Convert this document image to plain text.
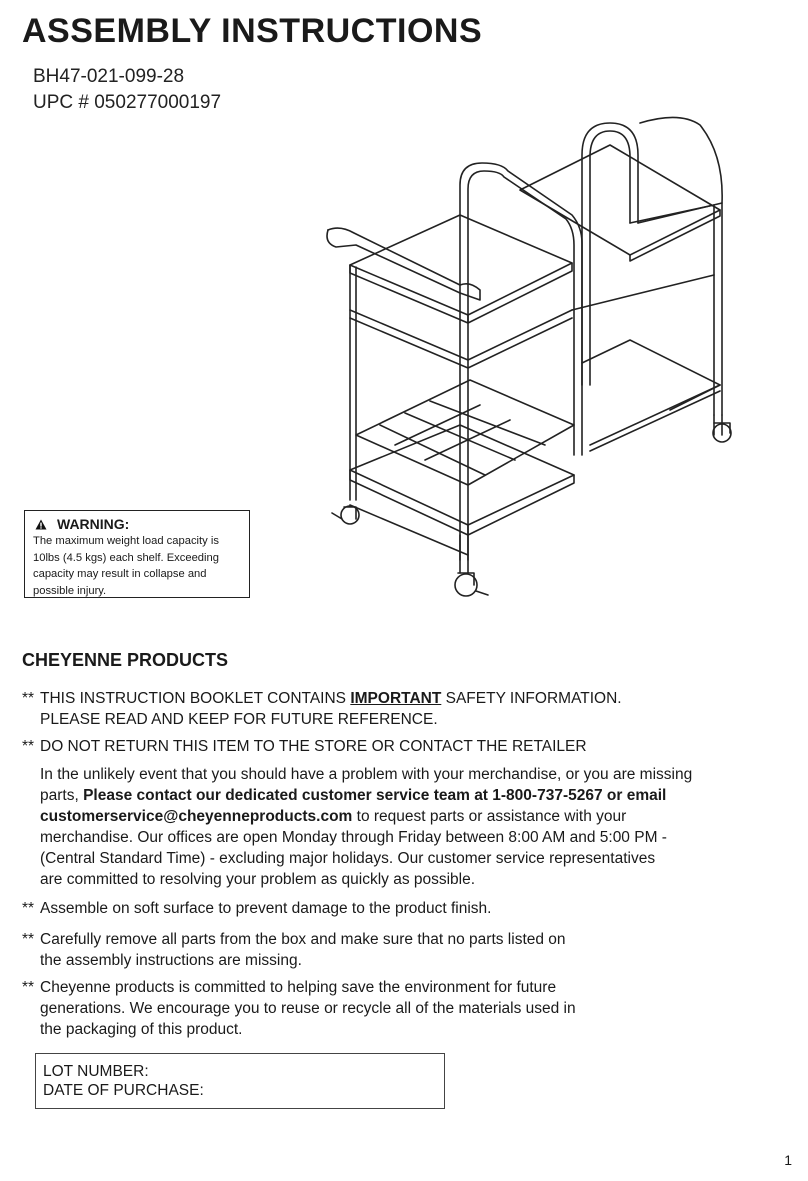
ASSEMBLY INSTRUCTIONS
BH47-021-099-28
UPC # 050277000197
WARNING:
The maximum weight load capacity is
10lbs (4.5 kgs) each shelf. Exceeding
capacity may result in collapse and
possible injury.
CHEYENNE PRODUCTS
** THIS INSTRUCTION BOOKLET CONTAINS IMPORTANT SAFETY INFORMATION.
PLEASE READ AND KEEP FOR FUTURE REFERENCE.
** DO NOT RETURN THIS ITEM TO THE STORE OR CONTACT THE RETAILER
In the unlikely event that you should have a problem with your merchandise, or you are missing
parts, Please contact our dedicated customer service team at 1-800-737-5267 or email
customerservice@cheyenneproducts.com to request parts or assistance with your
merchandise. Our offices are open Monday through Friday between 8:00 AM and 5:00 PM -
(Central Standard Time) - excluding major holidays. Our customer service representatives
are committed to resolving your problem as quickly as possible.
** Assemble on soft surface to prevent damage to the product finish.
** Carefully remove all parts from the box and make sure that no parts listed on
the assembly instructions are missing.
** Cheyenne products is committed to helping save the environment for future
generations. We encourage you to reuse or recycle all of the materials used in
the packaging of this product.
LOT NUMBER:
DATE OF PURCHASE:
1
